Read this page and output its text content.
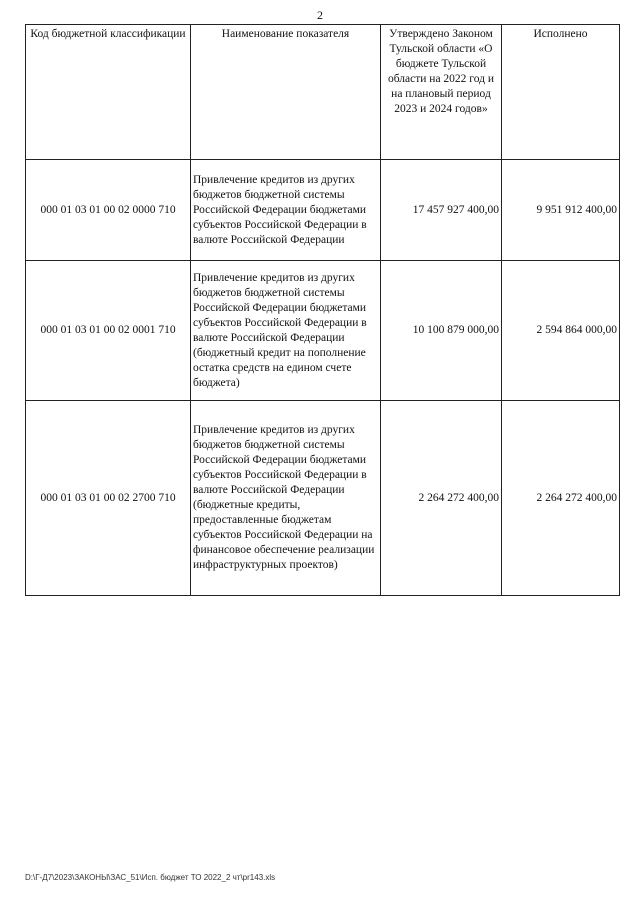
2
Код бюджетной классификации	Наименование показателя	Утверждено Законом Тульской области «О бюджете Тульской области на 2022 год и на плановый период 2023 и 2024 годов»	Исполнено
000 01 03 01 00 02 0000 710	Привлечение кредитов из других бюджетов бюджетной системы Российской Федерации бюджетами субъектов Российской Федерации в валюте Российской Федерации	17 457 927 400,00	9 951 912 400,00
000 01 03 01 00 02 0001 710	Привлечение кредитов из других бюджетов бюджетной системы Российской Федерации бюджетами субъектов Российской Федерации в валюте Российской Федерации (бюджетный кредит на пополнение остатка средств на едином счете бюджета)	10 100 879 000,00	2 594 864 000,00
000 01 03 01 00 02 2700 710	Привлечение кредитов из других бюджетов бюджетной системы Российской Федерации бюджетами субъектов Российской Федерации в валюте Российской Федерации (бюджетные кредиты, предоставленные бюджетам субъектов Российской Федерации на финансовое обеспечение реализации инфраструктурных проектов)	2 264 272 400,00	2 264 272 400,00
D:\Г-Д7\2023\ЗАКОНЫ\ЗАС_51\Исп. бюджет ТО 2022_2 чт\pr143.xls
